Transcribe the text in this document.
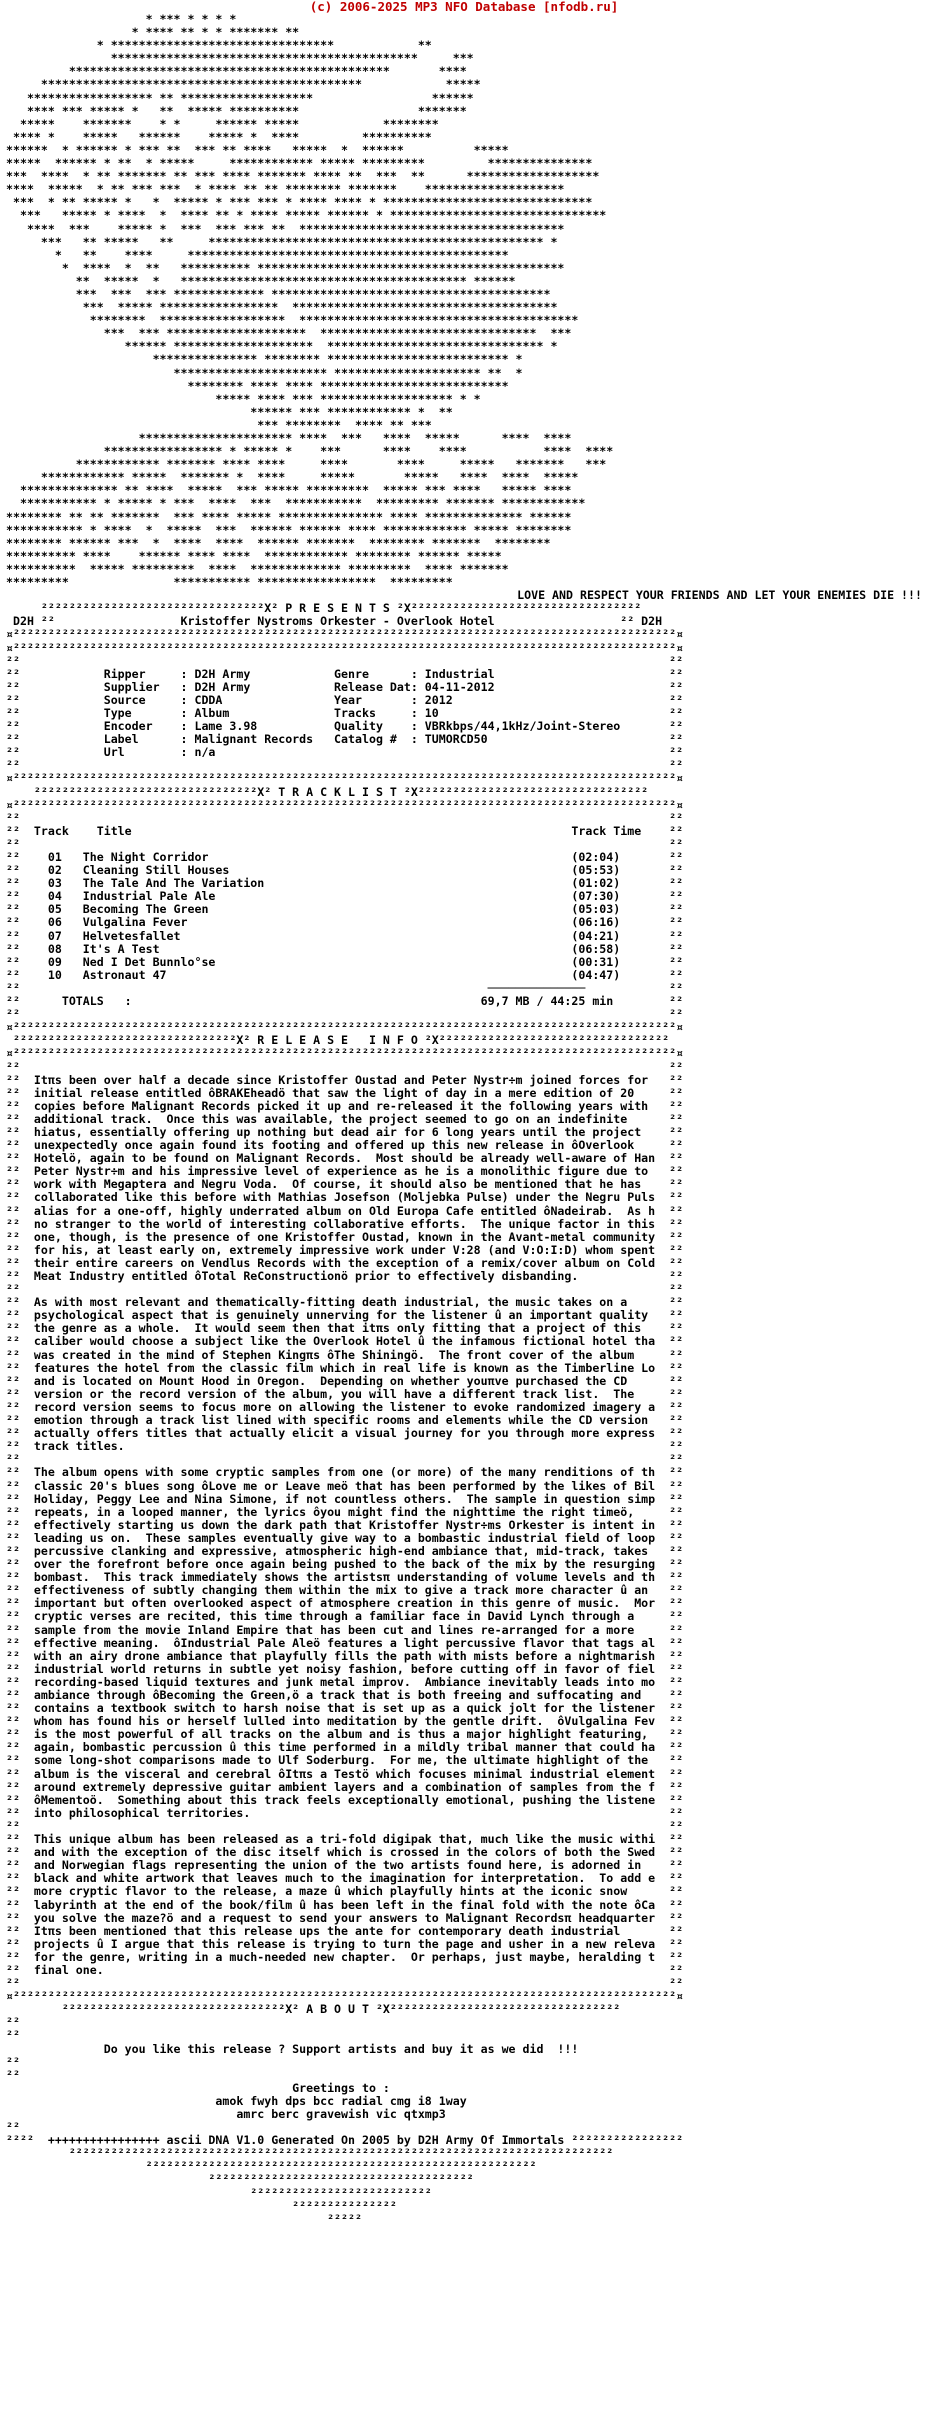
(c) 2006-2025 MP3 NFO Database [nfodb.ru]
* *** * * * *
* **** ** * * ******* **
* ********************************            **
********************************************     ***
**********************************************       ****
**********************************************            *****
****************** ** *******************                 ******
**** *** ***** *   **  ***** **********                 *******
*****    *******    * *     ****** *****            ********
**** *    *****   ******    ***** *  ****         **********
******  * ****** * *** **  *** ** ****   *****  *  ******          *****
*****  ****** * **  * *****     ************ ***** *********         ***************
***  ****  * ** ******* ** *** **** ******* **** **  ***  **      *******************
****  *****  * ** *** ***  * **** ** ** ******** *******    ********************
***  * ** ***** *   *  ***** * *** *** * **** **** * ******************************
***   ***** * ****  *  **** ** * **** ***** ****** * *******************************
****  ***    ***** *  ***  *** *** **  **************************************
***   ** *****   **     ************************************************ *
*   **    ****     **********************************************
*  ****  *  **   ********** ********************************************
**  *****  *   ***************************************** ******
***  ***  *** ************* ****************************************
***  ***** *****************  **************************************
********  ******************  ****************************************
***  *** ********************  *******************************  ***
****** ********************  ******************************* *
*************** ******** ************************** *
********************** ********************* **  *
******** **** **** ***************************
***** **** *** ******************* * *
****** *** ************ *  **
*** ********  **** ** ***
********************** ****  ***   ****  *****      ****  ****
***************** * ***** *    ***      ****    ****           ****  ****
************ ******* **** ****     ****       ****     *****   *******   ***
************ *****  ******* *  ****     *****       *****   ****  ****  *****
************** ** ****  *****  *** ***** *********  ***** *** ****   ***** ****
*********** * ***** * ***  ****  ***  ***********  ********* ******* ************
******** ** ** *******  *** **** ***** *************** **** ************** ******
*********** * ****  *  *****  ***  ****** ****** **** ************ ***** ********
******** ****** ***  *  ****  ****  ****** *******  ******** *******  ********
********** ****    ****** **** ****  ************ ******** ****** *****
**********  ***** *********  ****  ************* *********  **** *******
*********               *********** *****************  *********
LOVE AND RESPECT YOUR FRIENDS AND LET YOUR ENEMIES DIE !!!
²²²²²²²²²²²²²²²²²²²²²²²²²²²²²²²²X² P R E S E N T S ²X²²²²²²²²²²²²²²²²²²²²²²²²²²²²²²²²²
D2H ²²                  Kristoffer Nystroms Orkester - Overlook Hotel                  ²² D2H
¤²²²²²²²²²²²²²²²²²²²²²²²²²²²²²²²²²²²²²²²²²²²²²²²²²²²²²²²²²²²²²²²²²²²²²²²²²²²²²²²²²²²²²²²²²²²²²²²¤
¤²²²²²²²²²²²²²²²²²²²²²²²²²²²²²²²²²²²²²²²²²²²²²²²²²²²²²²²²²²²²²²²²²²²²²²²²²²²²²²²²²²²²²²²²²²²²²²²¤
²²                                                                                             ²²
²²            Ripper     : D2H Army            Genre      : Industrial                         ²²
²²            Supplier   : D2H Army            Release Dat: 04-11-2012                         ²²
²²            Source     : CDDA                Year       : 2012                               ²²
²²            Type       : Album               Tracks     : 10                                 ²²
²²            Encoder    : Lame 3.98           Quality    : VBRkbps/44,1kHz/Joint-Stereo       ²²
²²            Label      : Malignant Records   Catalog #  : TUMORCD50                          ²²
²²            Url        : n/a                                                                 ²²
²²                                                                                             ²²
¤²²²²²²²²²²²²²²²²²²²²²²²²²²²²²²²²²²²²²²²²²²²²²²²²²²²²²²²²²²²²²²²²²²²²²²²²²²²²²²²²²²²²²²²²²²²²²²²¤
²²²²²²²²²²²²²²²²²²²²²²²²²²²²²²²²X² T R A C K L I S T ²X²²²²²²²²²²²²²²²²²²²²²²²²²²²²²²²²²
¤²²²²²²²²²²²²²²²²²²²²²²²²²²²²²²²²²²²²²²²²²²²²²²²²²²²²²²²²²²²²²²²²²²²²²²²²²²²²²²²²²²²²²²²²²²²²²²²¤
²²                                                                                             ²²
²²  Track    Title                                                               Track Time    ²²
²²                                                                                             ²²
²²    01   The Night Corridor                                                    (02:04)       ²²
²²    02   Cleaning Still Houses                                                 (05:53)       ²²
²²    03   The Tale And The Variation                                            (01:02)       ²²
²²    04   Industrial Pale Ale                                                   (07:30)       ²²
²²    05   Becoming The Green                                                    (05:03)       ²²
²²    06   Vulgalina Fever                                                       (06:16)       ²²
²²    07   Helvetesfallet                                                        (04:21)       ²²
²²    08   It's A Test                                                           (06:58)       ²²
²²    09   Ned I Det Bunnlo°se                                                   (00:31)       ²²
²²    10   Astronaut 47                                                          (04:47)       ²²
²²                                                                   ──────────────            ²²
²²      TOTALS   :                                                  69,7 MB / 44:25 min        ²²
²²                                                                                             ²²
¤²²²²²²²²²²²²²²²²²²²²²²²²²²²²²²²²²²²²²²²²²²²²²²²²²²²²²²²²²²²²²²²²²²²²²²²²²²²²²²²²²²²²²²²²²²²²²²²¤
²²²²²²²²²²²²²²²²²²²²²²²²²²²²²²²²X² R E L E A S E   I N F O ²X²²²²²²²²²²²²²²²²²²²²²²²²²²²²²²²²²
¤²²²²²²²²²²²²²²²²²²²²²²²²²²²²²²²²²²²²²²²²²²²²²²²²²²²²²²²²²²²²²²²²²²²²²²²²²²²²²²²²²²²²²²²²²²²²²²²¤
²²                                                                                             ²²
²²  Itπs been over half a decade since Kristoffer Oustad and Peter Nystr÷m joined forces for   ²²
²²  initial release entitled ôBRAKEheadö that saw the light of day in a mere edition of 20     ²²
²²  copies before Malignant Records picked it up and re-released it the following years with   ²²
²²  additional track.  Once this was available, the project seemed to go on an indefinite      ²²
²²  hiatus, essentially offering up nothing but dead air for 6 long years until the project    ²²
²²  unexpectedly once again found its footing and offered up this new release in ôOverlook     ²²
²²  Hotelö, again to be found on Malignant Records.  Most should be already well-aware of Han  ²²
²²  Peter Nystr÷m and his impressive level of experience as he is a monolithic figure due to   ²²
²²  work with Megaptera and Negru Voda.  Of course, it should also be mentioned that he has    ²²
²²  collaborated like this before with Mathias Josefson (Moljebka Pulse) under the Negru Puls  ²²
²²  alias for a one-off, highly underrated album on Old Europa Cafe entitled ôNadeirab.  As h  ²²
²²  no stranger to the world of interesting collaborative efforts.  The unique factor in this  ²²
²²  one, though, is the presence of one Kristoffer Oustad, known in the Avant-metal community  ²²
²²  for his, at least early on, extremely impressive work under V:28 (and V:O:I:D) whom spent  ²²
²²  their entire careers on Vendlus Records with the exception of a remix/cover album on Cold  ²²
²²  Meat Industry entitled ôTotal ReConstructionö prior to effectively disbanding.             ²²
²²                                                                                             ²²
²²  As with most relevant and thematically-fitting death industrial, the music takes on a      ²²
²²  psychological aspect that is genuinely unnerving for the listener û an important quality   ²²
²²  the genre as a whole.  It would seem then that itπs only fitting that a project of this    ²²
²²  caliber would choose a subject like the Overlook Hotel û the infamous fictional hotel tha  ²²
²²  was created in the mind of Stephen Kingπs ôThe Shiningö.  The front cover of the album     ²²
²²  features the hotel from the classic film which in real life is known as the Timberline Lo  ²²
²²  and is located on Mount Hood in Oregon.  Depending on whether youπve purchased the CD      ²²
²²  version or the record version of the album, you will have a different track list.  The     ²²
²²  record version seems to focus more on allowing the listener to evoke randomized imagery a  ²²
²²  emotion through a track list lined with specific rooms and elements while the CD version   ²²
²²  actually offers titles that actually elicit a visual journey for you through more express  ²²
²²  track titles.                                                                              ²²
²²                                                                                             ²²
²²  The album opens with some cryptic samples from one (or more) of the many renditions of th  ²²
²²  classic 20's blues song ôLove me or Leave meö that has been performed by the likes of Bil  ²²
²²  Holiday, Peggy Lee and Nina Simone, if not countless others.  The sample in question simp  ²²
²²  repeats, in a looped manner, the lyrics ôyou might find the nighttime the right timeö,     ²²
²²  effectively starting us down the dark path that Kristoffer Nystr÷ms Orkester is intent in  ²²
²²  leading us on.  These samples eventually give way to a bombastic industrial field of loop  ²²
²²  percussive clanking and expressive, atmospheric high-end ambiance that, mid-track, takes   ²²
²²  over the forefront before once again being pushed to the back of the mix by the resurging  ²²
²²  bombast.  This track immediately shows the artistsπ understanding of volume levels and th  ²²
²²  effectiveness of subtly changing them within the mix to give a track more character û an   ²²
²²  important but often overlooked aspect of atmosphere creation in this genre of music.  Mor  ²²
²²  cryptic verses are recited, this time through a familiar face in David Lynch through a     ²²
²²  sample from the movie Inland Empire that has been cut and lines re-arranged for a more     ²²
²²  effective meaning.  ôIndustrial Pale Aleö features a light percussive flavor that tags al  ²²
²²  with an airy drone ambiance that playfully fills the path with mists before a nightmarish  ²²
²²  industrial world returns in subtle yet noisy fashion, before cutting off in favor of fiel  ²²
²²  recording-based liquid textures and junk metal improv.  Ambiance inevitably leads into mo  ²²
²²  ambiance through ôBecoming the Green,ö a track that is both freeing and suffocating and    ²²
²²  contains a textbook switch to harsh noise that is set up as a quick jolt for the listener  ²²
²²  whom has found his or herself lulled into meditation by the gentle drift.  ôVulgalina Fev  ²²
²²  is the most powerful of all tracks on the album and is thus a major highlight featuring,   ²²
²²  again, bombastic percussion û this time performed in a mildly tribal manner that could ha  ²²
²²  some long-shot comparisons made to Ulf Soderburg.  For me, the ultimate highlight of the   ²²
²²  album is the visceral and cerebral ôItπs a Testö which focuses minimal industrial element  ²²
²²  around extremely depressive guitar ambient layers and a combination of samples from the f  ²²
²²  ôMementoö.  Something about this track feels exceptionally emotional, pushing the listene  ²²
²²  into philosophical territories.                                                            ²²
²²                                                                                             ²²
²²  This unique album has been released as a tri-fold digipak that, much like the music withi  ²²
²²  and with the exception of the disc itself which is crossed in the colors of both the Swed  ²²
²²  and Norwegian flags representing the union of the two artists found here, is adorned in    ²²
²²  black and white artwork that leaves much to the imagination for interpretation.  To add e  ²²
²²  more cryptic flavor to the release, a maze û which playfully hints at the iconic snow      ²²
²²  labyrinth at the end of the book/film û has been left in the final fold with the note ôCa  ²²
²²  you solve the maze?ö and a request to send your answers to Malignant Recordsπ headquarter  ²²
²²  Itπs been mentioned that this release ups the ante for contemporary death industrial       ²²
²²  projects û I argue that this release is trying to turn the page and usher in a new releva  ²²
²²  for the genre, writing in a much-needed new chapter.  Or perhaps, just maybe, heralding t  ²²
²²  final one.                                                                                 ²²
²²                                                                                             ²²
¤²²²²²²²²²²²²²²²²²²²²²²²²²²²²²²²²²²²²²²²²²²²²²²²²²²²²²²²²²²²²²²²²²²²²²²²²²²²²²²²²²²²²²²²²²²²²²²²¤
²²²²²²²²²²²²²²²²²²²²²²²²²²²²²²²²X² A B O U T ²X²²²²²²²²²²²²²²²²²²²²²²²²²²²²²²²²²
²²
²²
Do you like this release ? Support artists and buy it as we did  !!!
²²
²²
Greetings to :
amok fwyh dps bcc radial cmg i8 1way
amrc berc gravewish vic qtxmp3
²²
²²²²  ++++++++++++++++ ascii DNA V1.0 Generated On 2005 by D2H Army Of Immortals ²²²²²²²²²²²²²²²²
²²²²²²²²²²²²²²²²²²²²²²²²²²²²²²²²²²²²²²²²²²²²²²²²²²²²²²²²²²²²²²²²²²²²²²²²²²²²²²
²²²²²²²²²²²²²²²²²²²²²²²²²²²²²²²²²²²²²²²²²²²²²²²²²²²²²²²²
²²²²²²²²²²²²²²²²²²²²²²²²²²²²²²²²²²²²²²
²²²²²²²²²²²²²²²²²²²²²²²²²²
²²²²²²²²²²²²²²²
²²²²²
